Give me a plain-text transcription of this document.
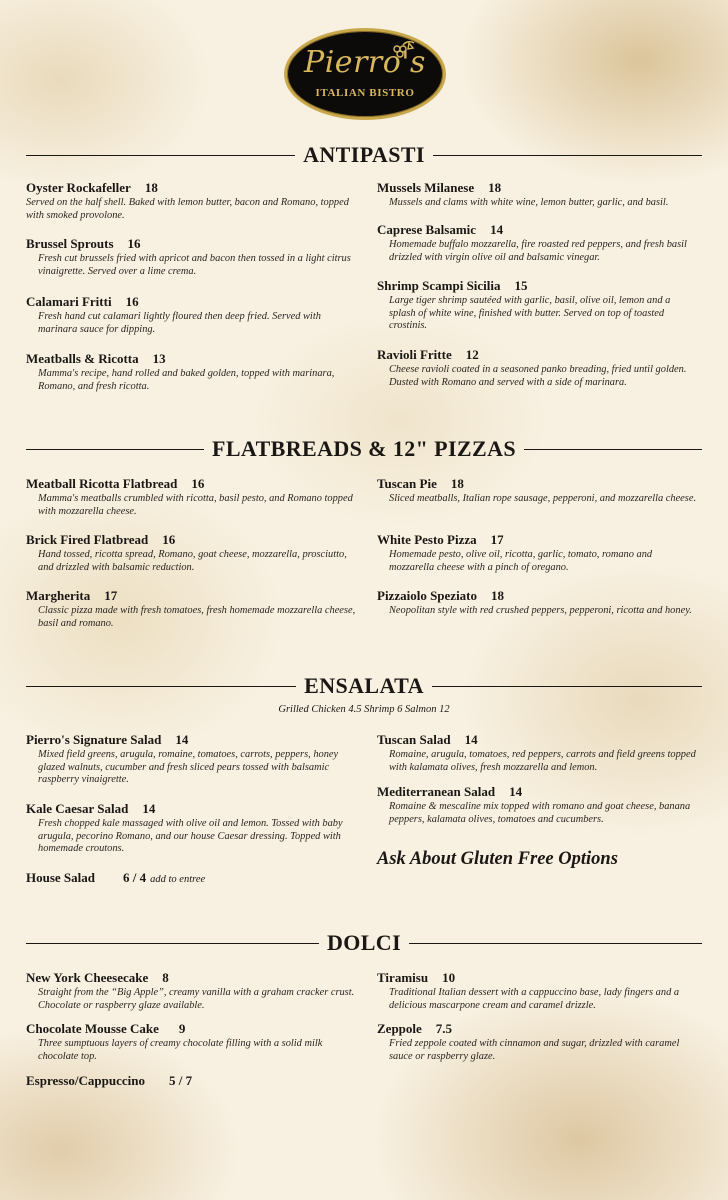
Pierro's
ITALIAN BISTRO
ANTIPASTI
Oyster Rockafeller 18
Served on the half shell. Baked with lemon butter, bacon and Romano, topped with smoked provolone.
Brussel Sprouts 16
Fresh cut brussels fried with apricot and bacon then tossed in a light citrus vinaigrette. Served over a lime crema.
Calamari Fritti 16
Fresh hand cut calamari lightly floured then deep fried. Served with marinara sauce for dipping.
Meatballs & Ricotta 13
Mamma's recipe, hand rolled and baked golden, topped with marinara, Romano, and fresh ricotta.
Mussels Milanese 18
Mussels and clams with white wine, lemon butter, garlic, and basil.
Caprese Balsamic 14
Homemade buffalo mozzarella, fire roasted red peppers, and fresh basil drizzled with virgin olive oil and balsamic vinegar.
Shrimp Scampi Sicilia 15
Large tiger shrimp sautéed with garlic, basil, olive oil, lemon and a splash of white wine, finished with butter. Served on top of toasted crostinis.
Ravioli Fritte 12
Cheese ravioli coated in a seasoned panko breading, fried until golden. Dusted with Romano and served with a side of marinara.
FLATBREADS & 12" PIZZAS
Meatball Ricotta Flatbread 16
Mamma's meatballs crumbled with ricotta, basil pesto, and Romano topped with mozzarella cheese.
Brick Fired Flatbread 16
Hand tossed, ricotta spread, Romano, goat cheese, mozzarella, prosciutto, and drizzled with balsamic reduction.
Margherita 17
Classic pizza made with fresh tomatoes, fresh homemade mozzarella cheese, basil and romano.
Tuscan Pie 18
Sliced meatballs, Italian rope sausage, pepperoni, and mozzarella cheese.
White Pesto Pizza 17
Homemade pesto, olive oil, ricotta, garlic, tomato, romano and mozzarella cheese with a pinch of oregano.
Pizzaiolo Speziato 18
Neopolitan style with red crushed peppers, pepperoni, ricotta and honey.
ENSALATA
Grilled Chicken 4.5 Shrimp 6 Salmon 12
Pierro's Signature Salad 14
Mixed field greens, arugula, romaine, tomatoes, carrots, peppers, honey glazed walnuts, cucumber and fresh sliced pears tossed with balsamic raspberry vinaigrette.
Kale Caesar Salad 14
Fresh chopped kale massaged with olive oil and lemon. Tossed with baby arugula, pecorino Romano, and our house Caesar dressing. Topped with homemade croutons.
House Salad 6 / 4 add to entree
Tuscan Salad 14
Romaine, arugula, tomatoes, red peppers, carrots and field greens topped with kalamata olives, fresh mozzarella and lemon.
Mediterranean Salad 14
Romaine & mescaline mix topped with romano and goat cheese, banana peppers, kalamata olives, tomatoes and cucumbers.
Ask About Gluten Free Options
DOLCI
New York Cheesecake 8
Straight from the “Big Apple”, creamy vanilla with a graham cracker crust. Chocolate or raspberry glaze available.
Chocolate Mousse Cake 9
Three sumptuous layers of creamy chocolate filling with a solid milk chocolate top.
Espresso/Cappuccino 5 / 7
Tiramisu 10
Traditional Italian dessert with a cappuccino base, lady fingers and a delicious mascarpone cream and caramel drizzle.
Zeppole 7.5
Fried zeppole coated with cinnamon and sugar, drizzled with caramel sauce or raspberry glaze.
